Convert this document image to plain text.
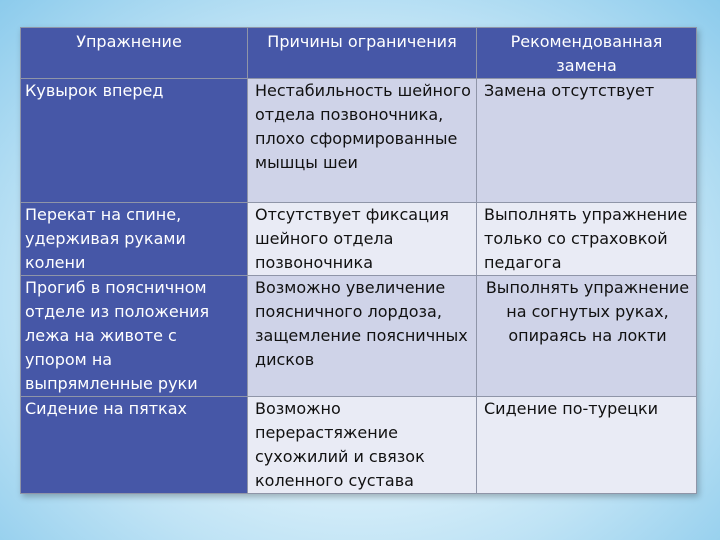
Упражнение	Причины ограничения	Рекомендованная замена

Кувырок вперед	Нестабильность шейного отдела позвоночника, плохо сформированные мышцы шеи	Замена отсутствует

Перекат на спине, удерживая руками колени	Отсутствует фиксация шейного отдела позвоночника	Выполнять упражнение только со страховкой педагога

Прогиб в поясничном отделе из положения лежа на животе с упором на выпрямленные руки	Возможно увеличение поясничного лордоза, защемление поясничных дисков	Выполнять упражнение на согнутых руках, опираясь на локти

Сидение на пятках	Возможно перерастяжение сухожилий и связок коленного сустава	Сидение по-турецки
